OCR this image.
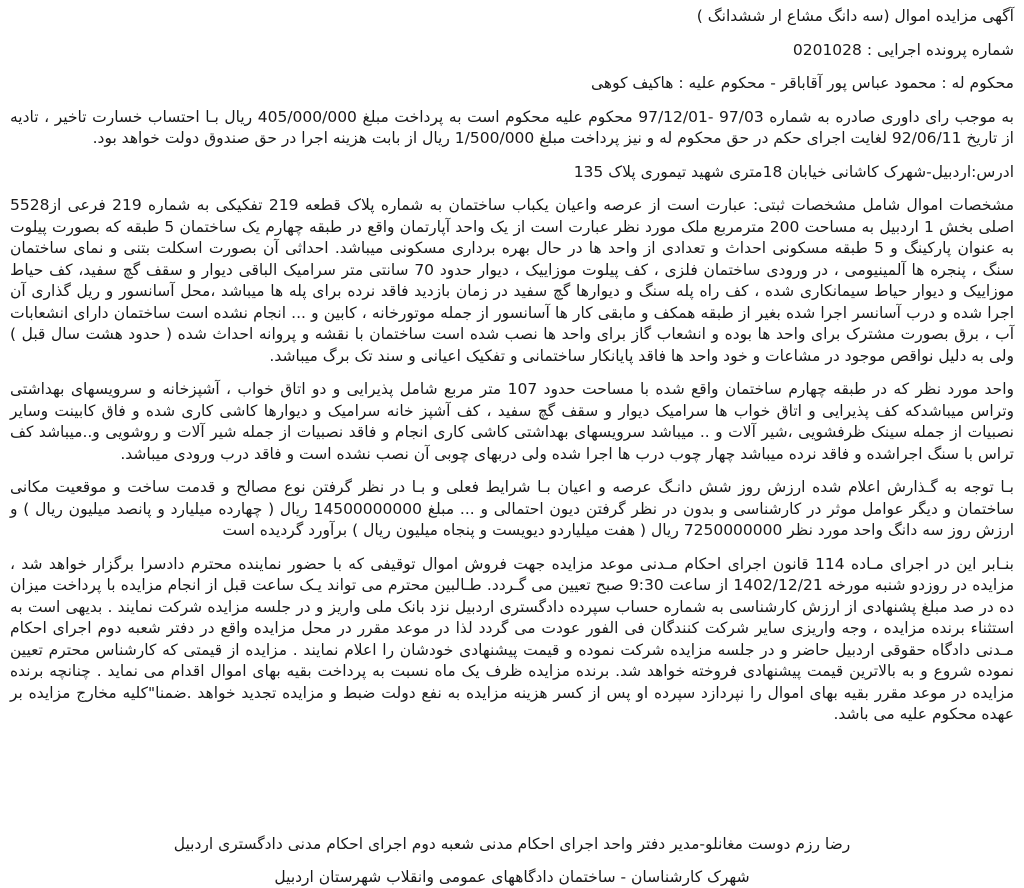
آگهی مزایده اموال (سه دانگ مشاع ار ششدانگ )

شماره پرونده اجرایی : 0201028

محکوم له : محمود عباس پور آقاباقر - محکوم علیه : هاکیف کوهی

به موجب رای داوری صادره به شماره 97/03 -97/12/01 محکوم علیه محکوم است به پرداخت مبلغ 405/000/000 ریال بـا احتساب خسارت تاخیر ، تادیه از تاریخ 92/06/11 لغایت اجرای حکم در حق محکوم له و نیز پرداخت مبلغ 1/500/000 ریال از بابت هزینه اجرا در حق صندوق دولت خواهد بود.

ادرس:اردبیل-شهرک کاشانی خیابان 18متری شهید تیموری پلاک 135

مشخصات اموال شامل مشخصات ثبتی: عبارت است از عرصه واعیان یکباب ساختمان به شماره پلاک قطعه 219 تفکیکی به شماره 219 فرعی از5528 اصلی بخش 1 اردبیل به مساحت 200 مترمربع ملک مورد نظر عبارت است از یک واحد آپارتمان واقع در طبقه چهارم یک ساختمان 5 طبقه که بصورت پیلوت به عنوان پارکینگ و 5 طبقه مسکونی احداث و تعدادی از واحد ها در حال بهره برداری مسکونی میباشد. احداثی آن بصورت اسکلت بتنی و نمای ساختمان سنگ ، پنجره ها آلمینیومی ، در ورودی ساختمان فلزی ، کف پیلوت موزاییک ، دیوار حدود 70 سانتی متر سرامیک الباقی دیوار و سقف گچ سفید، کف حیاط موزاییک و دیوار حیاط سیمانکاری شده ، کف راه پله سنگ و دیوارها گچ سفید در زمان بازدید فاقد نرده برای پله ها میباشد ،محل آسانسور و ریل گذاری آن اجرا شده و درب آسانسر اجرا شده بغیر از طبقه همکف و مابقی کار ها آسانسور از جمله موتورخانه ، کابین و ... انجام نشده است ساختمان دارای انشعابات آب ، برق بصورت مشترک برای واحد ها بوده و انشعاب گاز برای واحد ها نصب شده است ساختمان با نقشه و پروانه احداث شده ( حدود هشت سال قبل ) ولی به دلیل نواقص موجود در مشاعات و خود واحد ها فاقد پایانکار ساختمانی و تفکیک اعیانی و سند تک برگ میباشد.

واحد مورد نظر که در طبقه چهارم ساختمان واقع شده با مساحت حدود 107 متر مربع شامل پذیرایی و دو اتاق خواب ، آشپزخانه و سرویسهای بهداشتی وتراس میباشدکه کف پذیرایی و اتاق خواب ها سرامیک دیوار و سقف گچ سفید ، کف آشپز خانه سرامیک و دیوارها کاشی کاری شده و فاق کابینت وسایر نصبیات از جمله سینک ظرفشویی ،شیر آلات و .. میباشد سرویسهای بهداشتی کاشی کاری انجام و فاقد نصبیات از جمله شیر آلات و روشویی و..میباشد کف تراس با سنگ اجراشده و فاقد نرده میباشد چهار چوب درب ها اجرا شده ولی دربهای چوبی آن نصب نشده است و فاقد درب ورودی میباشد.

بـا توجه به گـذارش اعلام شده ارزش روز شش دانـگ عرصه و اعیان بـا شرایط فعلی و بـا در نظر گرفتن نوع مصالح و قدمت ساخت و موقعیت مکانی ساختمان و دیگر عوامل موثر در کارشناسی و بدون در نظر گرفتن دیون احتمالی و ... مبلغ 14500000000 ریال ( چهارده میلیارد و پانصد میلیون ریال ) و ارزش روز سه دانگ واحد مورد نظر 7250000000 ریال ( هفت میلیاردو دیویست و پنجاه میلیون ریال ) برآورد گردیده است

بنـابر این در اجرای مـاده 114 قانون اجرای احکام مـدنی موعد مزایده جهت فروش اموال توقیفی که با حضور نماینده محترم دادسرا برگزار خواهد شد ، مزایده در روزدو شنبه مورخه 1402/12/21 از ساعت 9:30 صبح تعیین می گـردد. طـالبین محترم می تواند یـک ساعت قبل از انجام مزایده با پرداخت میزان ده در صد مبلغ پشنهادی از ارزش کارشناسی به شماره حساب سپرده دادگستری اردبیل نزد بانک ملی واریز و در جلسه مزایده شرکت نمایند . بدیهی است به استثناء برنده مزایده ، وجه واریزی سایر شرکت کنندگان فی الفور عودت می گردد لذا در موعد مقرر در محل مزایده واقع در دفتر شعبه دوم اجرای احکام مـدنی دادگاه حقوقی اردبیل حاضر و در جلسه مزایده شرکت نموده و قیمت پیشنهادی خودشان را اعلام نمایند . مزایده از قیمتی که کارشناس محترم تعیین نموده شروع و به بالاترین قیمت پیشنهادی فروخته خواهد شد. برنده مزایده ظرف یک ماه نسبت به پرداخت بقیه بهای اموال اقدام می نماید . چنانچه برنده مزایده در موعد مقرر بقیه بهای اموال را نپردازد سپرده او پس از کسر هزینه مزایده به نفع دولت ضبط و مزایده تجدید خواهد .ضمنا"کلیه مخارج مزایده بر عهده محکوم علیه می باشد.

رضا رزم دوست مغانلو-مدیر دفتر واحد اجرای احکام مدنی شعبه دوم اجرای احکام مدنی دادگستری اردبیل

شهرک کارشناسان - ساختمان دادگاههای عمومی وانقلاب شهرستان اردبیل
